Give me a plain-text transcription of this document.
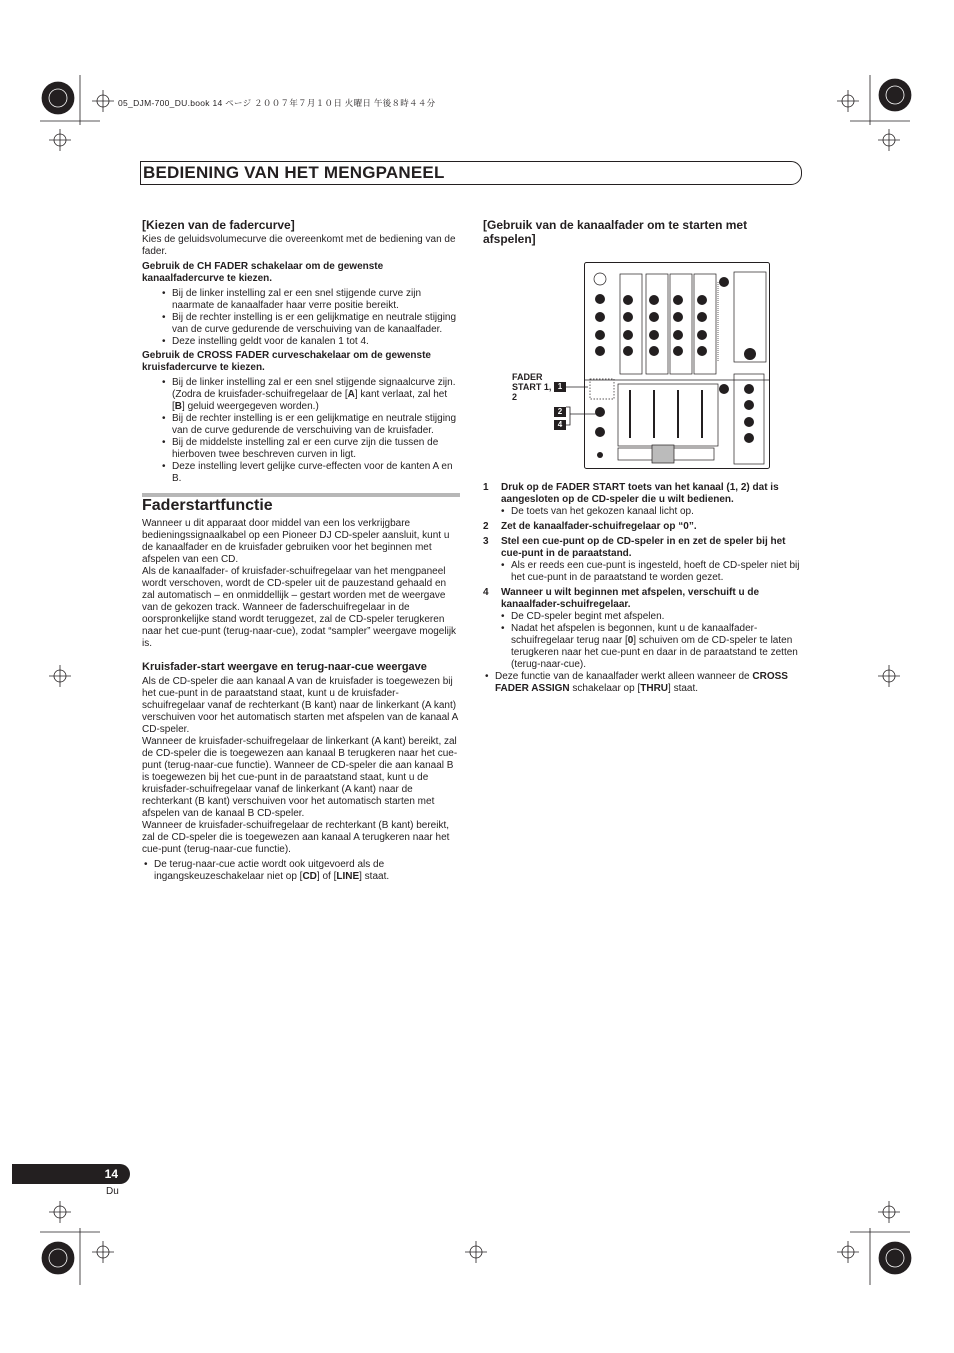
05_DJM-700_DU.book 14 ページ ２００７年７月１０日 火曜日 午後８時４４分
BEDIENING VAN HET MENGPANEEL
[Kiezen van de fadercurve]

Kies de geluidsvolumecurve die overeenkomt met de bediening van de fader.

Gebruik de CH FADER schakelaar om de gewenste kanaalfadercurve te kiezen.

• Bij de linker instelling zal er een snel stijgende curve zijn naarmate de kanaalfader haar verre positie bereikt.

• Bij de rechter instelling is er een gelijkmatige en neutrale stijging van de curve gedurende de verschuiving van de kanaalfader.

• Deze instelling geldt voor de kanalen 1 tot 4.

Gebruik de CROSS FADER curveschakelaar om de gewenste kruisfadercurve te kiezen.

• Bij de linker instelling zal er een snel stijgende signaalcurve zijn. (Zodra de kruisfader-schuifregelaar de [A] kant verlaat, zal het [B] geluid weergegeven worden.)

• Bij de rechter instelling is er een gelijkmatige en neutrale stijging van de curve gedurende de verschuiving van de kruisfader.

• Bij de middelste instelling zal er een curve zijn die tussen de hierboven twee beschreven curven in ligt.

• Deze instelling levert gelijke curve-effecten voor de kanten A en B.

Faderstartfunctie

Wanneer u dit apparaat door middel van een los verkrijgbare bedieningssignaalkabel op een Pioneer DJ CD-speler aansluit, kunt u de kanaalfader en de kruisfader gebruiken voor het beginnen met afspelen van een CD.

Als de kanaalfader- of kruisfader-schuifregelaar van het mengpaneel wordt verschoven, wordt de CD-speler uit de pauzestand gehaald en zal automatisch – en onmiddellijk – gestart worden met de weergave van de gekozen track. Wanneer de faderschuifregelaar in de oorspronkelijke stand wordt teruggezet, zal de CD-speler terugkeren naar het cue-punt (terug-naar-cue), zodat “sampler” weergave mogelijk is.

Kruisfader-start weergave en terug-naar-cue weergave

Als de CD-speler die aan kanaal A van de kruisfader is toegewezen bij het cue-punt in de paraatstand staat, kunt u de kruisfader-schuifregelaar vanaf de rechterkant (B kant) naar de linkerkant (A kant) verschuiven voor het automatisch starten met afspelen van de kanaal A CD-speler.

Wanneer de kruisfader-schuifregelaar de linkerkant (A kant) bereikt, zal de CD-speler die is toegewezen aan kanaal B terugkeren naar het cue-punt (terug-naar-cue functie). Wanneer de CD-speler die aan kanaal B is toegewezen bij het cue-punt in de paraatstand staat, kunt u de kruisfader-schuifregelaar vanaf de linkerkant (A kant) naar de rechterkant (B kant) verschuiven voor het automatisch starten met afspelen van de kanaal B CD-speler.

Wanneer de kruisfader-schuifregelaar de rechterkant (B kant) bereikt, zal de CD-speler die is toegewezen aan kanaal A terugkeren naar het cue-punt (terug-naar-cue functie).

• De terug-naar-cue actie wordt ook uitgevoerd als de ingangskeuzeschakelaar niet op [CD] of [LINE] staat.

[Gebruik van de kanaalfader om te starten met afspelen]
FADER START 1, 2
1
2
4

1 Druk op de FADER START toets van het kanaal (1, 2) dat is aangesloten op de CD-speler die u wilt bedienen.

• De toets van het gekozen kanaal licht op.

2 Zet de kanaalfader-schuifregelaar op “0”.

3 Stel een cue-punt op de CD-speler in en zet de speler bij het cue-punt in de paraatstand.

• Als er reeds een cue-punt is ingesteld, hoeft de CD-speler niet bij het cue-punt in de paraatstand te worden gezet.

4 Wanneer u wilt beginnen met afspelen, verschuift u de kanaalfader-schuifregelaar.

• De CD-speler begint met afspelen.

• Nadat het afspelen is begonnen, kunt u de kanaalfader-schuifregelaar terug naar [0] schuiven om de CD-speler te laten terugkeren naar het cue-punt en daar in de paraatstand te zetten (terug-naar-cue).

• Deze functie van de kanaalfader werkt alleen wanneer de CROSS FADER ASSIGN schakelaar op [THRU] staat.

14
Du
